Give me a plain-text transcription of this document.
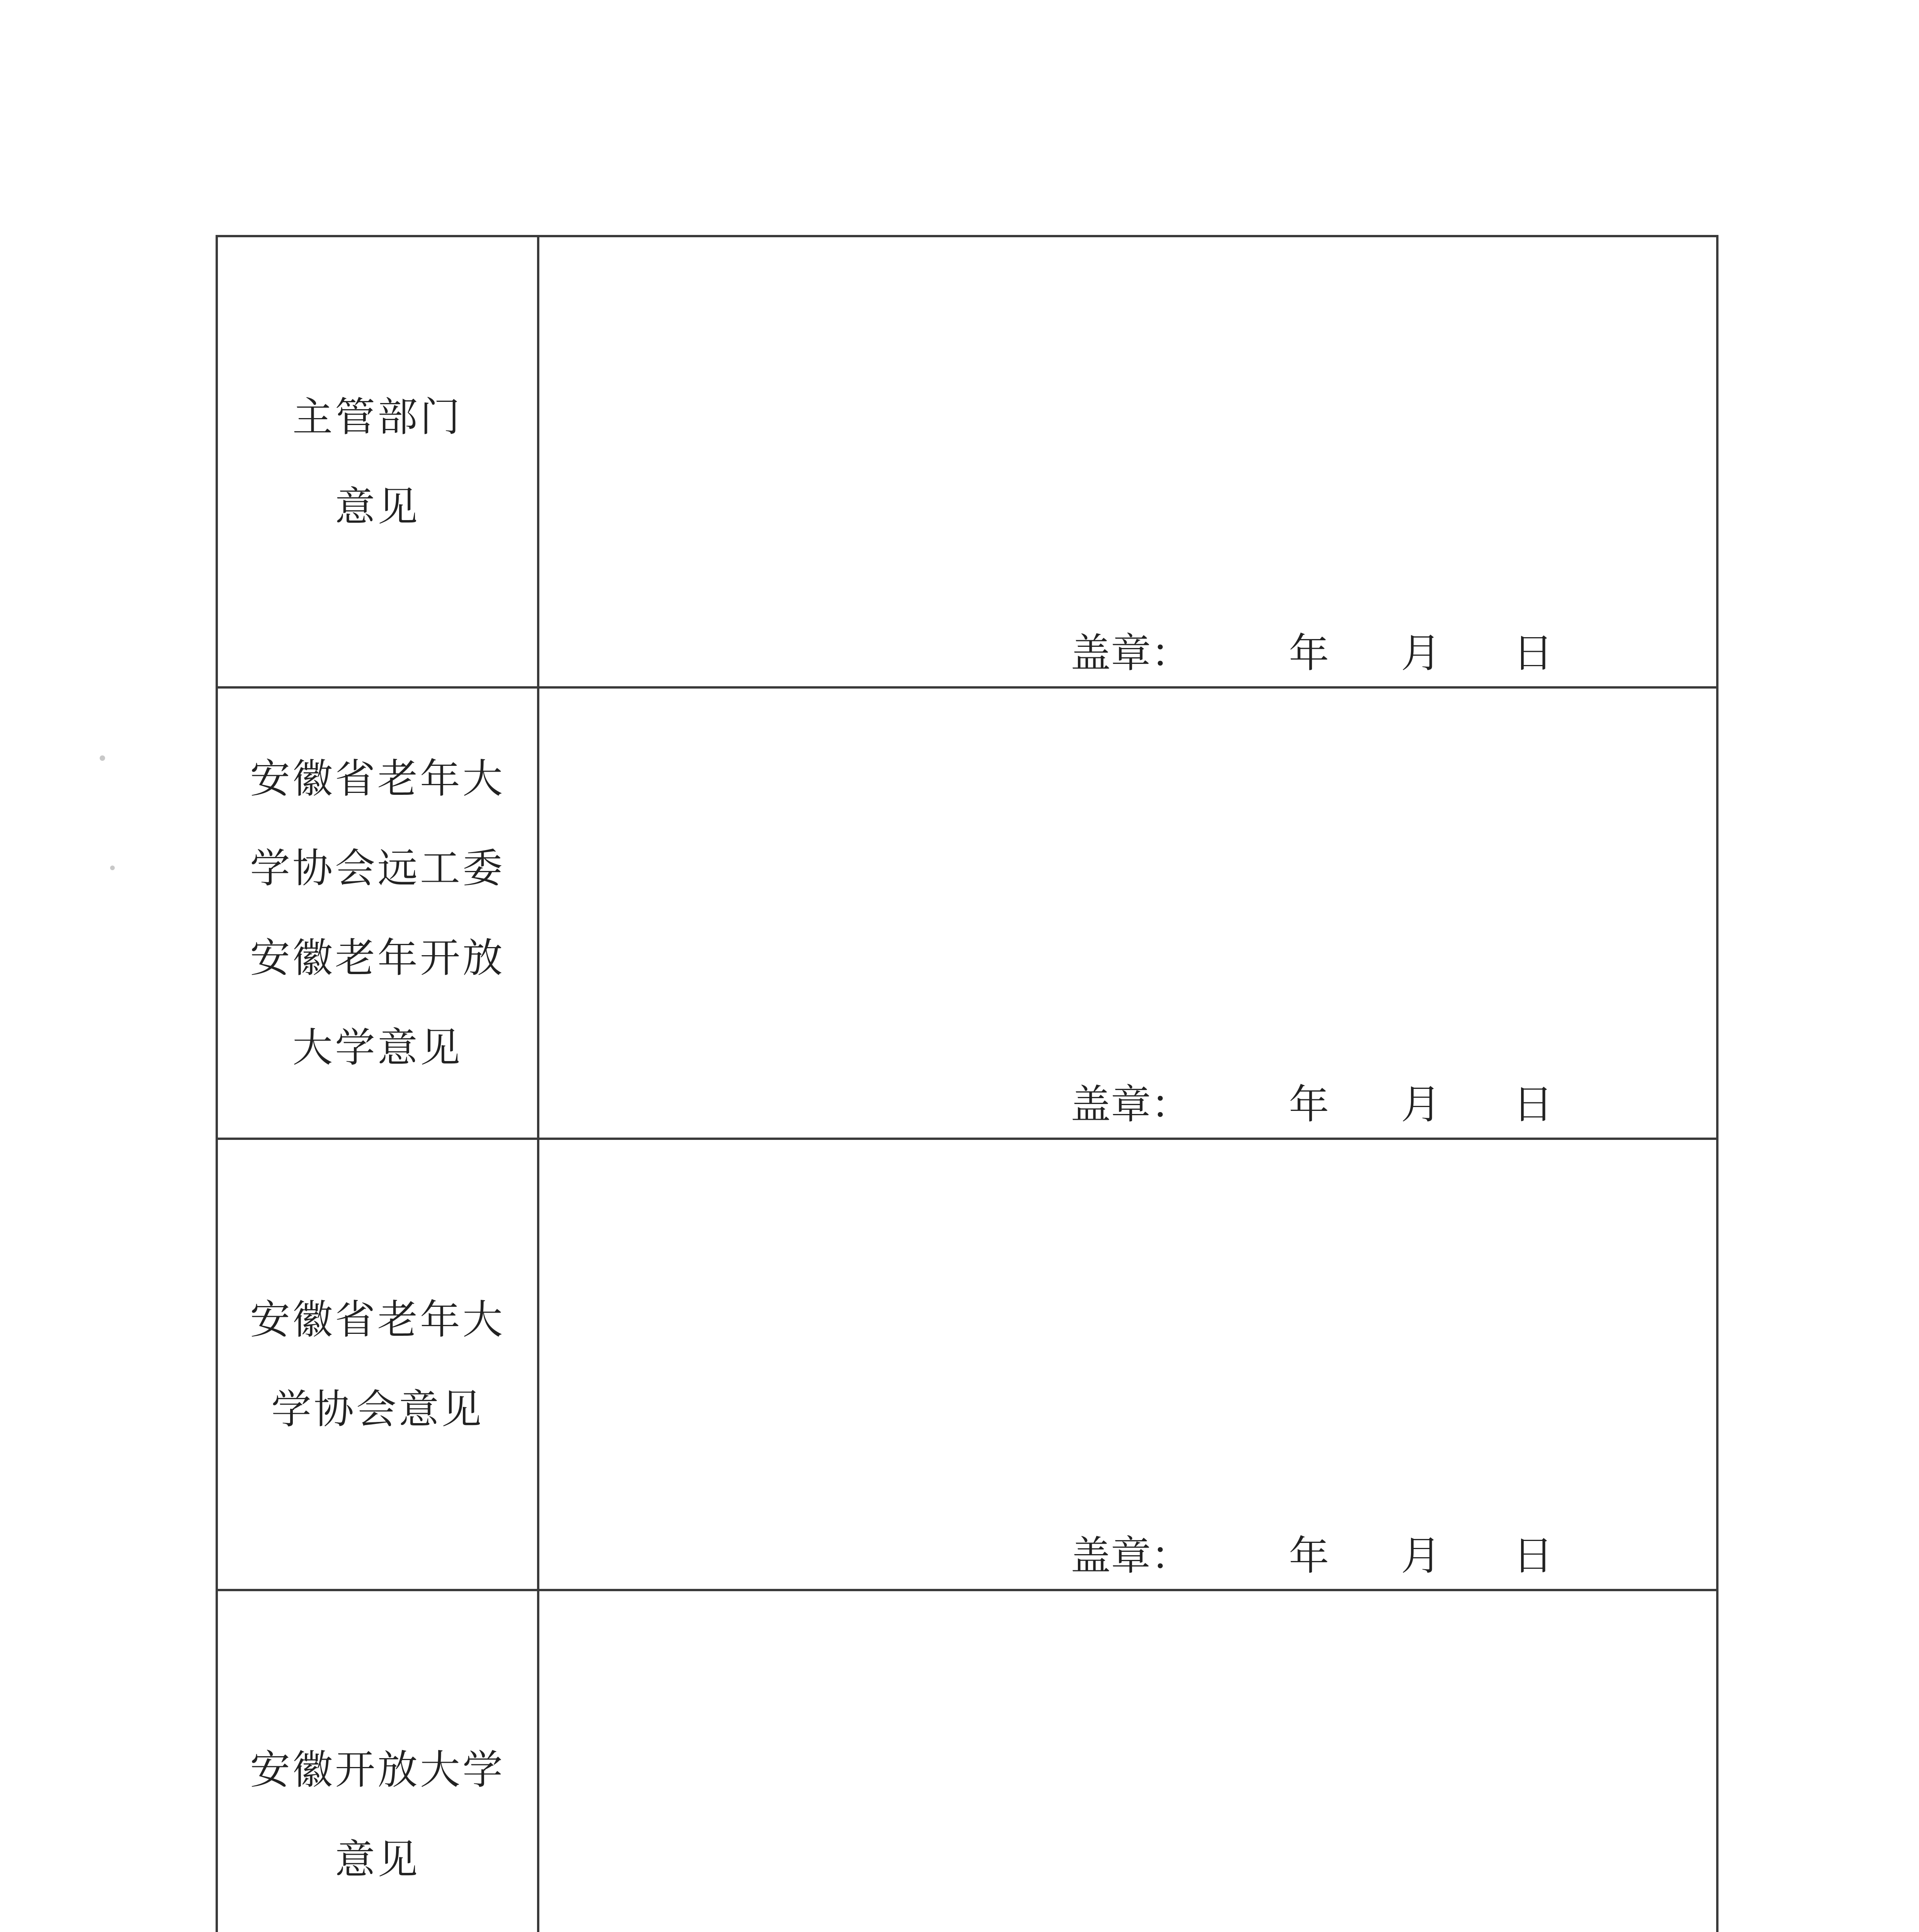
主管部门
意见
盖章： 年 月 日
安徽省老年大
学协会远工委
安徽老年开放
大学意见
盖章： 年 月 日
安徽省老年大
学协会意见
盖章： 年 月 日
安徽开放大学
意见
